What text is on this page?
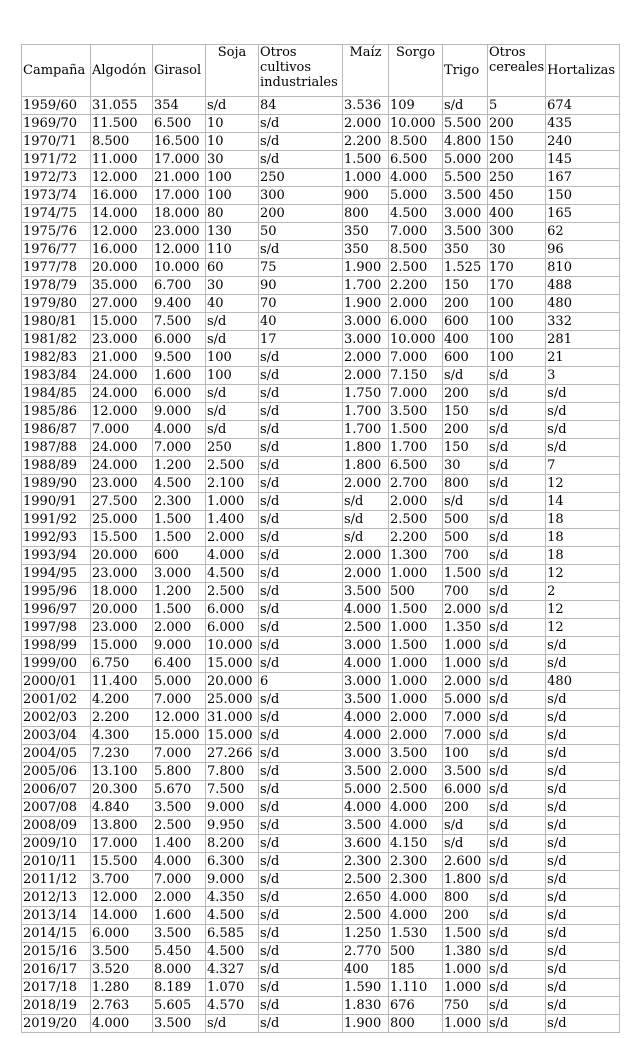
Campaña	Algodón	Girasol	Soja	Otros cultivos industriales	Maíz	Sorgo	Trigo	Otros cereales	Hortalizas
1959/60	31.055	354	s/d	84	3.536	109	s/d	5	674
1969/70	11.500	6.500	10	s/d	2.000	10.000	5.500	200	435
1970/71	8.500	16.500	10	s/d	2.200	8.500	4.800	150	240
1971/72	11.000	17.000	30	s/d	1.500	6.500	5.000	200	145
1972/73	12.000	21.000	100	250	1.000	4.000	5.500	250	167
1973/74	16.000	17.000	100	300	900	5.000	3.500	450	150
1974/75	14.000	18.000	80	200	800	4.500	3.000	400	165
1975/76	12.000	23.000	130	50	350	7.000	3.500	300	62
1976/77	16.000	12.000	110	s/d	350	8.500	350	30	96
1977/78	20.000	10.000	60	75	1.900	2.500	1.525	170	810
1978/79	35.000	6.700	30	90	1.700	2.200	150	170	488
1979/80	27.000	9.400	40	70	1.900	2.000	200	100	480
1980/81	15.000	7.500	s/d	40	3.000	6.000	600	100	332
1981/82	23.000	6.000	s/d	17	3.000	10.000	400	100	281
1982/83	21.000	9.500	100	s/d	2.000	7.000	600	100	21
1983/84	24.000	1.600	100	s/d	2.000	7.150	s/d	s/d	3
1984/85	24.000	6.000	s/d	s/d	1.750	7.000	200	s/d	s/d
1985/86	12.000	9.000	s/d	s/d	1.700	3.500	150	s/d	s/d
1986/87	7.000	4.000	s/d	s/d	1.700	1.500	200	s/d	s/d
1987/88	24.000	7.000	250	s/d	1.800	1.700	150	s/d	s/d
1988/89	24.000	1.200	2.500	s/d	1.800	6.500	30	s/d	7
1989/90	23.000	4.500	2.100	s/d	2.000	2.700	800	s/d	12
1990/91	27.500	2.300	1.000	s/d	s/d	2.000	s/d	s/d	14
1991/92	25.000	1.500	1.400	s/d	s/d	2.500	500	s/d	18
1992/93	15.500	1.500	2.000	s/d	s/d	2.200	500	s/d	18
1993/94	20.000	600	4.000	s/d	2.000	1.300	700	s/d	18
1994/95	23.000	3.000	4.500	s/d	2.000	1.000	1.500	s/d	12
1995/96	18.000	1.200	2.500	s/d	3.500	500	700	s/d	2
1996/97	20.000	1.500	6.000	s/d	4.000	1.500	2.000	s/d	12
1997/98	23.000	2.000	6.000	s/d	2.500	1.000	1.350	s/d	12
1998/99	15.000	9.000	10.000	s/d	3.000	1.500	1.000	s/d	s/d
1999/00	6.750	6.400	15.000	s/d	4.000	1.000	1.000	s/d	s/d
2000/01	11.400	5.000	20.000	6	3.000	1.000	2.000	s/d	480
2001/02	4.200	7.000	25.000	s/d	3.500	1.000	5.000	s/d	s/d
2002/03	2.200	12.000	31.000	s/d	4.000	2.000	7.000	s/d	s/d
2003/04	4.300	15.000	15.000	s/d	4.000	2.000	7.000	s/d	s/d
2004/05	7.230	7.000	27.266	s/d	3.000	3.500	100	s/d	s/d
2005/06	13.100	5.800	7.800	s/d	3.500	2.000	3.500	s/d	s/d
2006/07	20.300	5.670	7.500	s/d	5.000	2.500	6.000	s/d	s/d
2007/08	4.840	3.500	9.000	s/d	4.000	4.000	200	s/d	s/d
2008/09	13.800	2.500	9.950	s/d	3.500	4.000	s/d	s/d	s/d
2009/10	17.000	1.400	8.200	s/d	3.600	4.150	s/d	s/d	s/d
2010/11	15.500	4.000	6.300	s/d	2.300	2.300	2.600	s/d	s/d
2011/12	3.700	7.000	9.000	s/d	2.500	2.300	1.800	s/d	s/d
2012/13	12.000	2.000	4.350	s/d	2.650	4.000	800	s/d	s/d
2013/14	14.000	1.600	4.500	s/d	2.500	4.000	200	s/d	s/d
2014/15	6.000	3.500	6.585	s/d	1.250	1.530	1.500	s/d	s/d
2015/16	3.500	5.450	4.500	s/d	2.770	500	1.380	s/d	s/d
2016/17	3.520	8.000	4.327	s/d	400	185	1.000	s/d	s/d
2017/18	1.280	8.189	1.070	s/d	1.590	1.110	1.000	s/d	s/d
2018/19	2.763	5.605	4.570	s/d	1.830	676	750	s/d	s/d
2019/20	4.000	3.500	s/d	s/d	1.900	800	1.000	s/d	s/d
